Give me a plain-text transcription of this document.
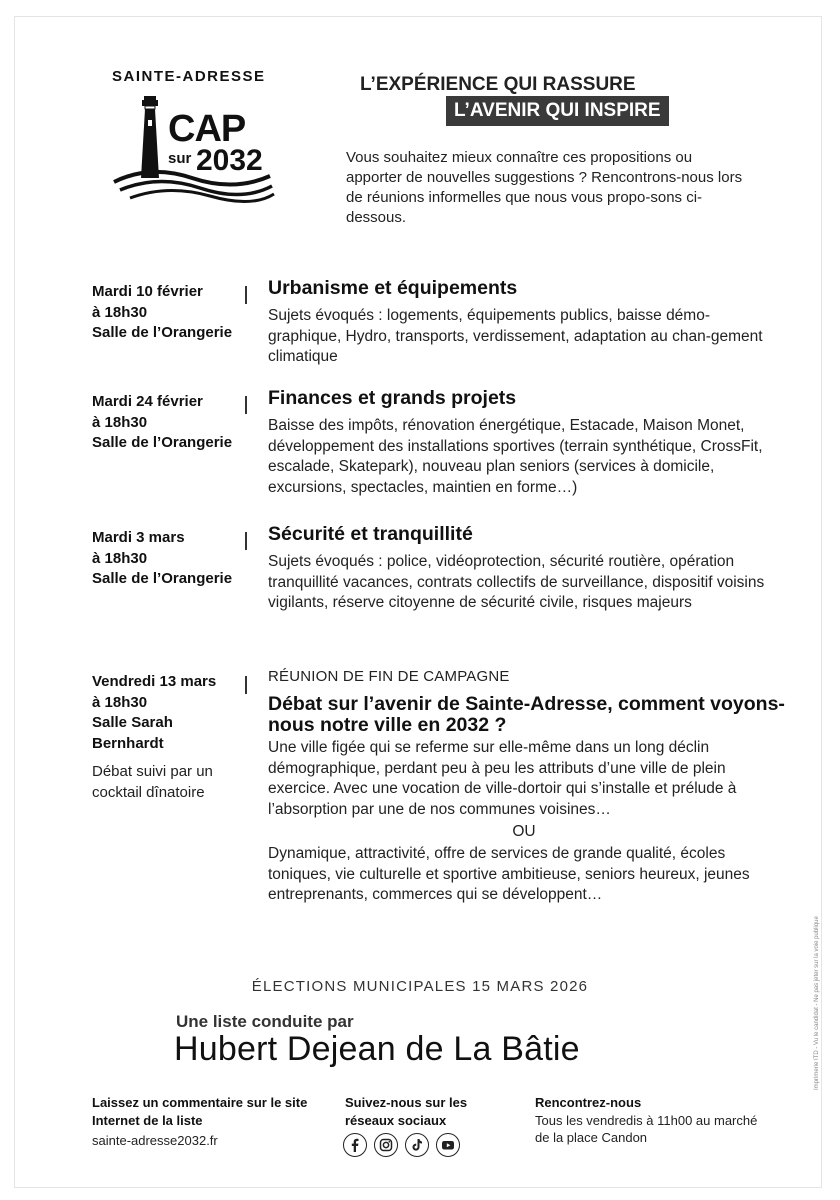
SAINTE-ADRESSE
CAP
sur 2032
L’EXPÉRIENCE QUI RASSURE
L’AVENIR QUI INSPIRE
Vous souhaitez mieux connaître ces propositions ou apporter de nouvelles suggestions ? Rencontrons-nous lors de réunions informelles que nous vous propo-sons ci-dessous.
Mardi 10 février
à 18h30
Salle de l’Orangerie
Urbanisme et équipements
Sujets évoqués : logements, équipements publics, baisse démo-graphique, Hydro, transports, verdissement, adaptation au chan-gement climatique
Mardi 24 février
à 18h30
Salle de l’Orangerie
Finances et grands projets
Baisse des impôts, rénovation énergétique, Estacade, Maison Monet, développement des installations sportives (terrain synthétique, CrossFit, escalade, Skatepark), nouveau plan seniors (services à domicile, excursions, spectacles, maintien en forme…)
Mardi 3 mars
à 18h30
Salle de l’Orangerie
Sécurité et tranquillité
Sujets évoqués : police, vidéoprotection, sécurité routière, opération tranquillité vacances, contrats collectifs de surveillance, dispositif voisins vigilants, réserve citoyenne de sécurité civile, risques majeurs
Vendredi 13 mars
à 18h30
Salle Sarah Bernhardt
Débat suivi par un cocktail dînatoire
RÉUNION DE FIN DE CAMPAGNE
Débat sur l’avenir de Sainte-Adresse, comment voyons-nous notre ville en 2032 ?
Une ville figée qui se referme sur elle-même dans un long déclin démographique, perdant peu à peu les attributs d’une ville de plein exercice. Avec une vocation de ville-dortoir qui s’installe et prélude à l’absorption par une de nos communes voisines…
OU
Dynamique, attractivité, offre de services de grande qualité, écoles toniques, vie culturelle et sportive ambitieuse, seniors heureux, jeunes entreprenants, commerces qui se développent…
ÉLECTIONS MUNICIPALES 15 MARS 2026
Une liste conduite par
Hubert Dejean de La Bâtie
Laissez un commentaire sur le site Internet de la liste
sainte-adresse2032.fr
Suivez-nous sur les réseaux sociaux
Rencontrez-nous
Tous les vendredis à 11h00 au marché de la place Candon
Imprimerie ITD - Vu le candidat - Ne pas jeter sur la voie publique
